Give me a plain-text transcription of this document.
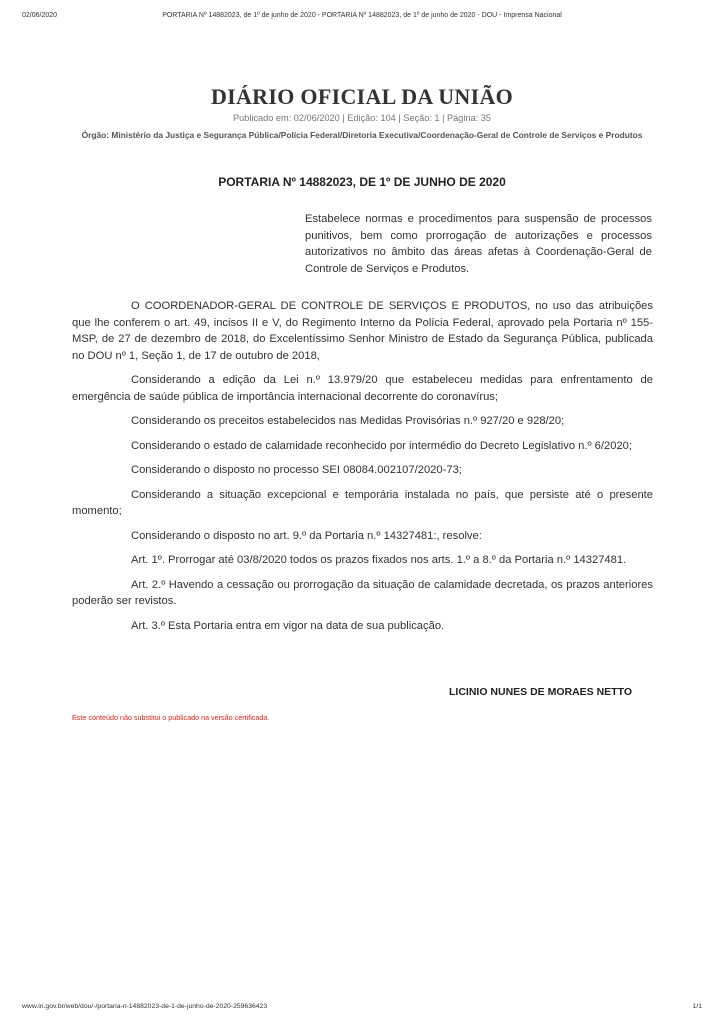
02/06/2020	PORTARIA Nº 14882023, de 1º de junho de 2020 - PORTARIA Nº 14882023, de 1º de junho de 2020 - DOU - Imprensa Nacional
DIÁRIO OFICIAL DA UNIÃO
Publicado em: 02/06/2020 | Edição: 104 | Seção: 1 | Página: 35
Órgão: Ministério da Justiça e Segurança Pública/Polícia Federal/Diretoria Executiva/Coordenação-Geral de Controle de Serviços e Produtos
PORTARIA Nº 14882023, DE 1º DE JUNHO DE 2020
Estabelece normas e procedimentos para suspensão de processos punitivos, bem como prorrogação de autorizações e processos autorizativos no âmbito das áreas afetas à Coordenação-Geral de Controle de Serviços e Produtos.

O COORDENADOR-GERAL DE CONTROLE DE SERVIÇOS E PRODUTOS, no uso das atribuições que lhe conferem o art. 49, incisos II e V, do Regimento Interno da Polícia Federal, aprovado pela Portaria nº 155-MSP, de 27 de dezembro de 2018, do Excelentíssimo Senhor Ministro de Estado da Segurança Pública, publicada no DOU nº 1, Seção 1, de 17 de outubro de 2018,

Considerando a edição da Lei n.º 13.979/20 que estabeleceu medidas para enfrentamento de emergência de saúde pública de importância internacional decorrente do coronavírus;

Considerando os preceitos estabelecidos nas Medidas Provisórias n.º 927/20 e 928/20;

Considerando o estado de calamidade reconhecido por intermédio do Decreto Legislativo n.º 6/2020;

Considerando o disposto no processo SEI 08084.002107/2020-73;

Considerando a situação excepcional e temporária instalada no país, que persiste até o presente momento;

Considerando o disposto no art. 9.º da Portaria n.º 14327481:, resolve:

Art. 1º. Prorrogar até 03/8/2020 todos os prazos fixados nos arts. 1.º a 8.º da Portaria n.º 14327481.

Art. 2.º Havendo a cessação ou prorrogação da situação de calamidade decretada, os prazos anteriores poderão ser revistos.

Art. 3.º Esta Portaria entra em vigor na data de sua publicação.

LICINIO NUNES DE MORAES NETTO
Este conteúdo não substitui o publicado na versão certificada.
www.in.gov.br/web/dou/-/portaria-n-14882023-de-1-de-junho-de-2020-259636423	1/1
